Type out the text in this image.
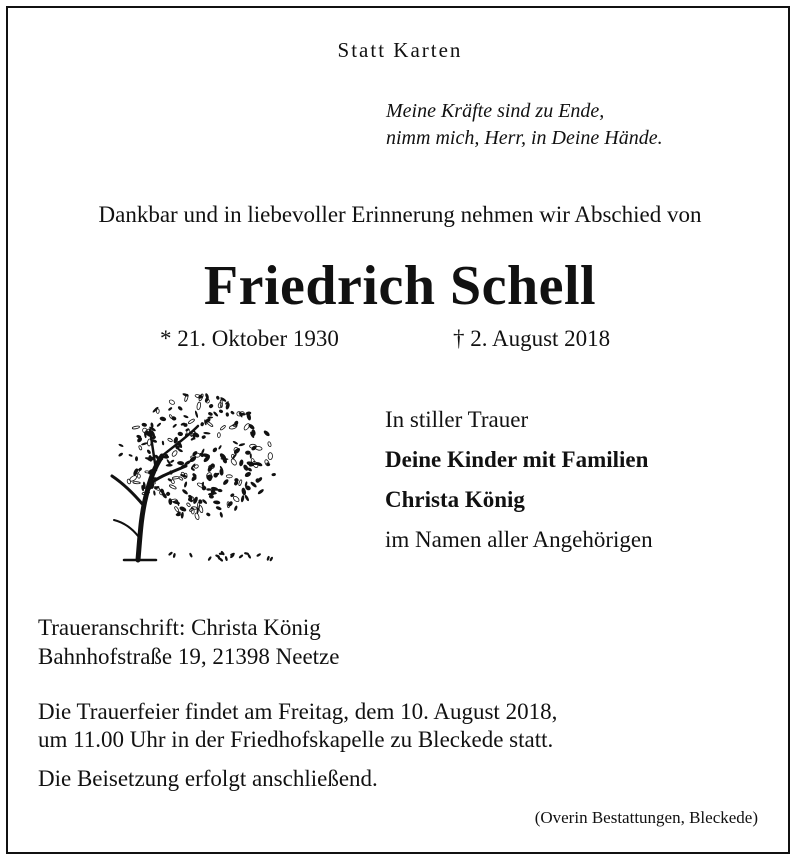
Statt Karten
Meine Kräfte sind zu Ende,
nimm mich, Herr, in Deine Hände.
Dankbar und in liebevoller Erinnerung nehmen wir Abschied von
Friedrich Schell
* 21. Oktober 1930	† 2. August 2018
In stiller Trauer
Deine Kinder mit Familien
Christa König
im Namen aller Angehörigen
Traueranschrift: Christa König
Bahnhofstraße 19, 21398 Neetze
Die Trauerfeier findet am Freitag, dem 10. August 2018,
um 11.00 Uhr in der Friedhofskapelle zu Bleckede statt.
Die Beisetzung erfolgt anschließend.
(Overin Bestattungen, Bleckede)
